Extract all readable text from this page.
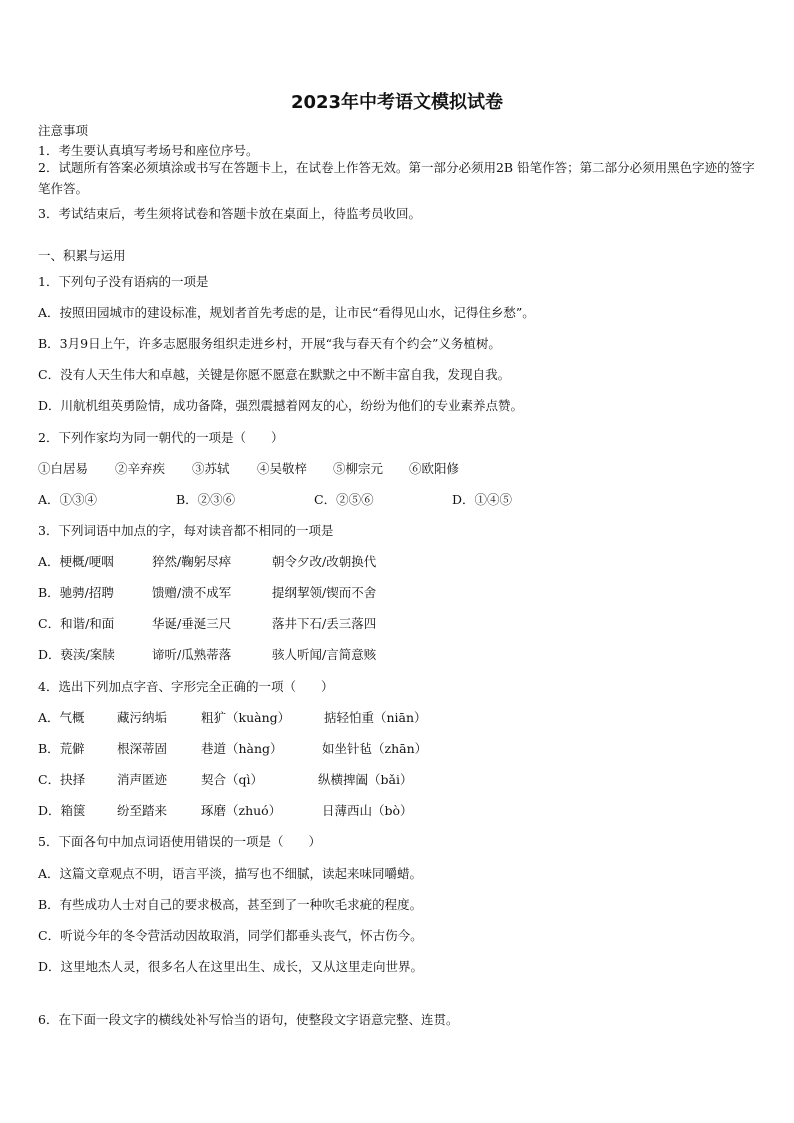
2023年中考语文模拟试卷
注意事项
1．考生要认真填写考场号和座位序号。
2．试题所有答案必须填涂或书写在答题卡上，在试卷上作答无效。第一部分必须用2B 铅笔作答；第二部分必须用黑色字迹的签字笔作答。
3．考试结束后，考生须将试卷和答题卡放在桌面上，待监考员收回。
一、积累与运用
1．下列句子没有语病的一项是
A．按照田园城市的建设标准，规划者首先考虑的是，让市民“看得见山水，记得住乡愁”。
B．3月9日上午，许多志愿服务组织走进乡村，开展“我与春天有个约会”义务植树。
C．没有人天生伟大和卓越，关键是你愿不愿意在默默之中不断丰富自我，发现自我。
D．川航机组英勇险情，成功备降，强烈震撼着网友的心，纷纷为他们的专业素养点赞。
2．下列作家均为同一朝代的一项是（　　）
①白居易 ②辛弃疾 ③苏轼 ④吴敬梓 ⑤柳宗元 ⑥欧阳修
A．①③④	B．②③⑥	C．②⑤⑥	D．①④⑤
3．下列词语中加点的字，每对读音都不相同的一项是
A．梗概/哽咽	猝然/鞠躬尽瘁	朝令夕改/改朝换代
B．驰骋/招聘	馈赠/溃不成军	提纲挈领/锲而不舍
C．和谐/和面	华诞/垂涎三尺	落井下石/丢三落四
D．亵渎/案牍	谛听/瓜熟蒂落	骇人听闻/言简意赅
4．选出下列加点字音、字形完全正确的一项（　　）
A．气概	藏污纳垢	粗犷（kuàng）	掂轻怕重（niān）
B．荒僻	根深蒂固	巷道（hàng）	如坐针毡（zhān）
C．抉择	消声匿迹	契合（qì）	纵横捭阖（bǎi）
D．箱箧	纷至踏来	琢磨（zhuó）	日薄西山（bò）
5．下面各句中加点词语使用错误的一项是（　　）
A．这篇文章观点不明，语言平淡，描写也不细腻，读起来味同嚼蜡。
B．有些成功人士对自己的要求极高，甚至到了一种吹毛求疵的程度。
C．听说今年的冬令营活动因故取消，同学们都垂头丧气，怀古伤今。
D．这里地杰人灵，很多名人在这里出生、成长，又从这里走向世界。
6．在下面一段文字的横线处补写恰当的语句，使整段文字语意完整、连贯。
